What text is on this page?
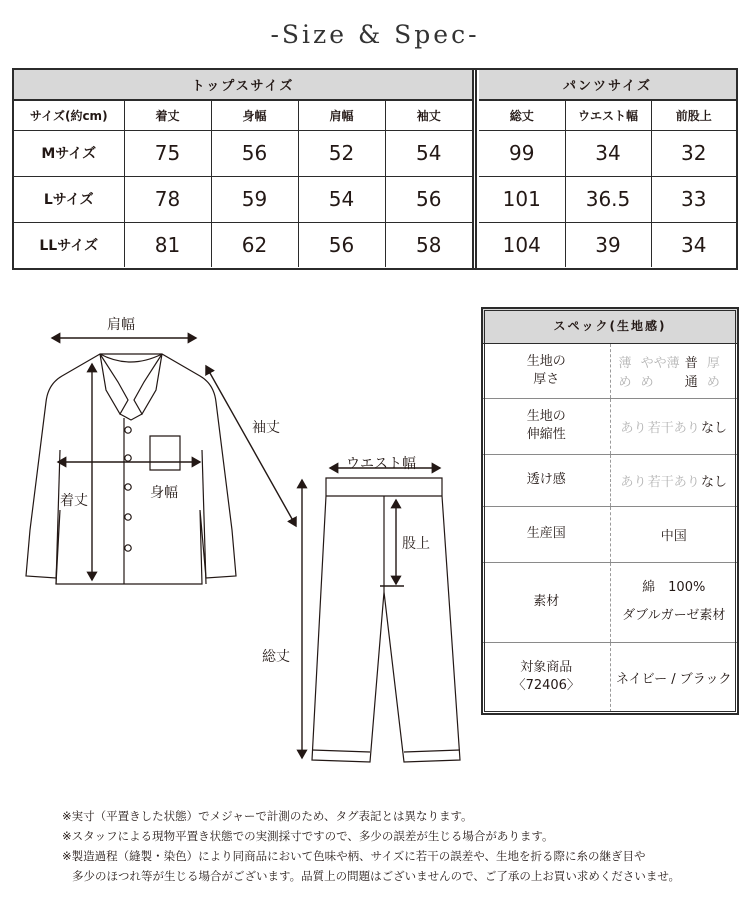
-Size & Spec-
トップスサイズ				
サイズ(約cm)	着丈	身幅	肩幅	袖丈
Mサイズ	75	56	52	54
Lサイズ	78	59	54	56
LLサイズ	81	62	56	58
パンツサイズ		
総丈	ウエスト幅	前股上
99	34	32
101	36.5	33
104	39	34
肩幅
袖丈
着丈	身幅
ウエスト幅
股上
総丈
スペック(生地感)	
生地の
厚さ	薄め
やや薄め
普通
厚め

生地の
伸縮性	あり 若干あり なし

透け感	あり 若干あり なし

生産国	中国
素材	綿　100%
ダブルガーゼ素材

対象商品
〈72406〉	ネイビー / ブラック
※実寸（平置きした状態）でメジャーで計測のため、タグ表記とは異なります。
※スタッフによる現物平置き状態での実測採寸ですので、多少の誤差が生じる場合があります。
※製造過程（縫製・染色）により同商品において色味や柄、サイズに若干の誤差や、生地を折る際に糸の継ぎ目や
多少のほつれ等が生じる場合がございます。品質上の問題はございませんので、ご了承の上お買い求めくださいませ。
